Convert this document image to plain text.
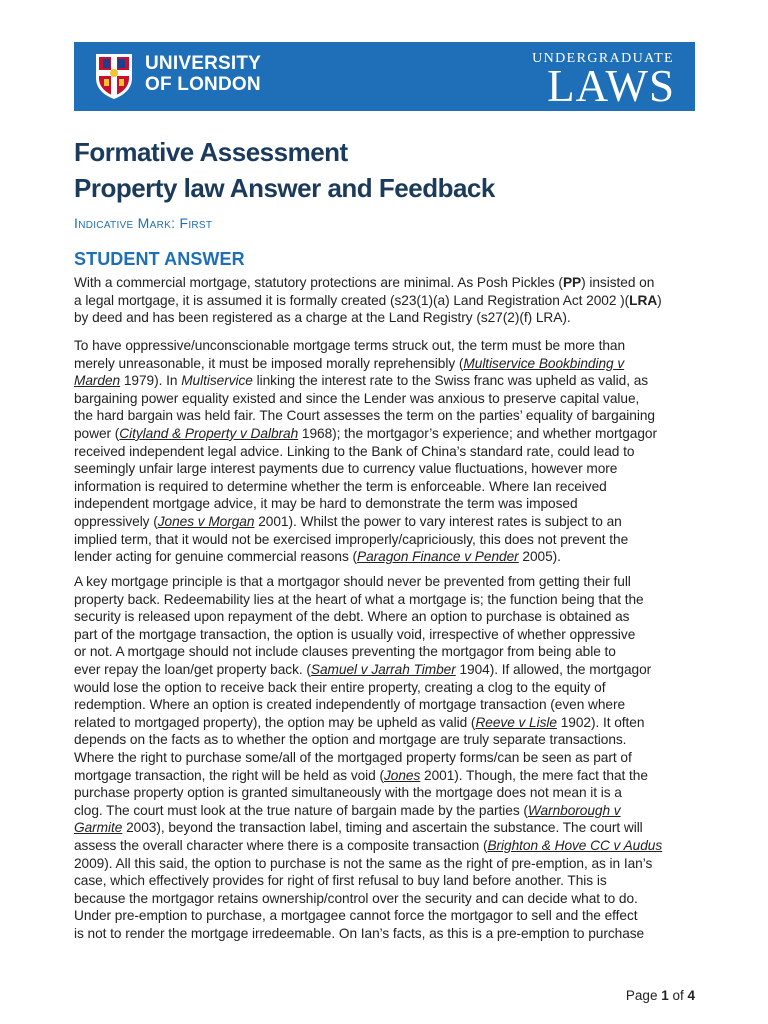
UNIVERSITY
OF LONDON
UNDERGRADUATE
LAWS
Formative Assessment
Property law Answer and Feedback
Indicative Mark: First
STUDENT ANSWER
With a commercial mortgage, statutory protections are minimal. As Posh Pickles (PP) insisted on
a legal mortgage, it is assumed it is formally created (s23(1)(a) Land Registration Act 2002 )(LRA)
by deed and has been registered as a charge at the Land Registry (s27(2)(f) LRA).
To have oppressive/unconscionable mortgage terms struck out, the term must be more than
merely unreasonable, it must be imposed morally reprehensibly (Multiservice Bookbinding v
Marden 1979). In Multiservice linking the interest rate to the Swiss franc was upheld as valid, as
bargaining power equality existed and since the Lender was anxious to preserve capital value,
the hard bargain was held fair. The Court assesses the term on the parties’ equality of bargaining
power (Cityland & Property v Dalbrah 1968); the mortgagor’s experience; and whether mortgagor
received independent legal advice. Linking to the Bank of China’s standard rate, could lead to
seemingly unfair large interest payments due to currency value fluctuations, however more
information is required to determine whether the term is enforceable. Where Ian received
independent mortgage advice, it may be hard to demonstrate the term was imposed
oppressively (Jones v Morgan 2001). Whilst the power to vary interest rates is subject to an
implied term, that it would not be exercised improperly/capriciously, this does not prevent the
lender acting for genuine commercial reasons (Paragon Finance v Pender 2005).
A key mortgage principle is that a mortgagor should never be prevented from getting their full
property back. Redeemability lies at the heart of what a mortgage is; the function being that the
security is released upon repayment of the debt. Where an option to purchase is obtained as
part of the mortgage transaction, the option is usually void, irrespective of whether oppressive
or not. A mortgage should not include clauses preventing the mortgagor from being able to
ever repay the loan/get property back. (Samuel v Jarrah Timber 1904). If allowed, the mortgagor
would lose the option to receive back their entire property, creating a clog to the equity of
redemption. Where an option is created independently of mortgage transaction (even where
related to mortgaged property), the option may be upheld as valid (Reeve v Lisle 1902). It often
depends on the facts as to whether the option and mortgage are truly separate transactions.
Where the right to purchase some/all of the mortgaged property forms/can be seen as part of
mortgage transaction, the right will be held as void (Jones 2001). Though, the mere fact that the
purchase property option is granted simultaneously with the mortgage does not mean it is a
clog. The court must look at the true nature of bargain made by the parties (Warnborough v
Garmite 2003), beyond the transaction label, timing and ascertain the substance. The court will
assess the overall character where there is a composite transaction (Brighton & Hove CC v Audus
2009). All this said, the option to purchase is not the same as the right of pre-emption, as in Ian’s
case, which effectively provides for right of first refusal to buy land before another. This is
because the mortgagor retains ownership/control over the security and can decide what to do.
Under pre-emption to purchase, a mortgagee cannot force the mortgagor to sell and the effect
is not to render the mortgage irredeemable. On Ian’s facts, as this is a pre-emption to purchase
Page 1 of 4
